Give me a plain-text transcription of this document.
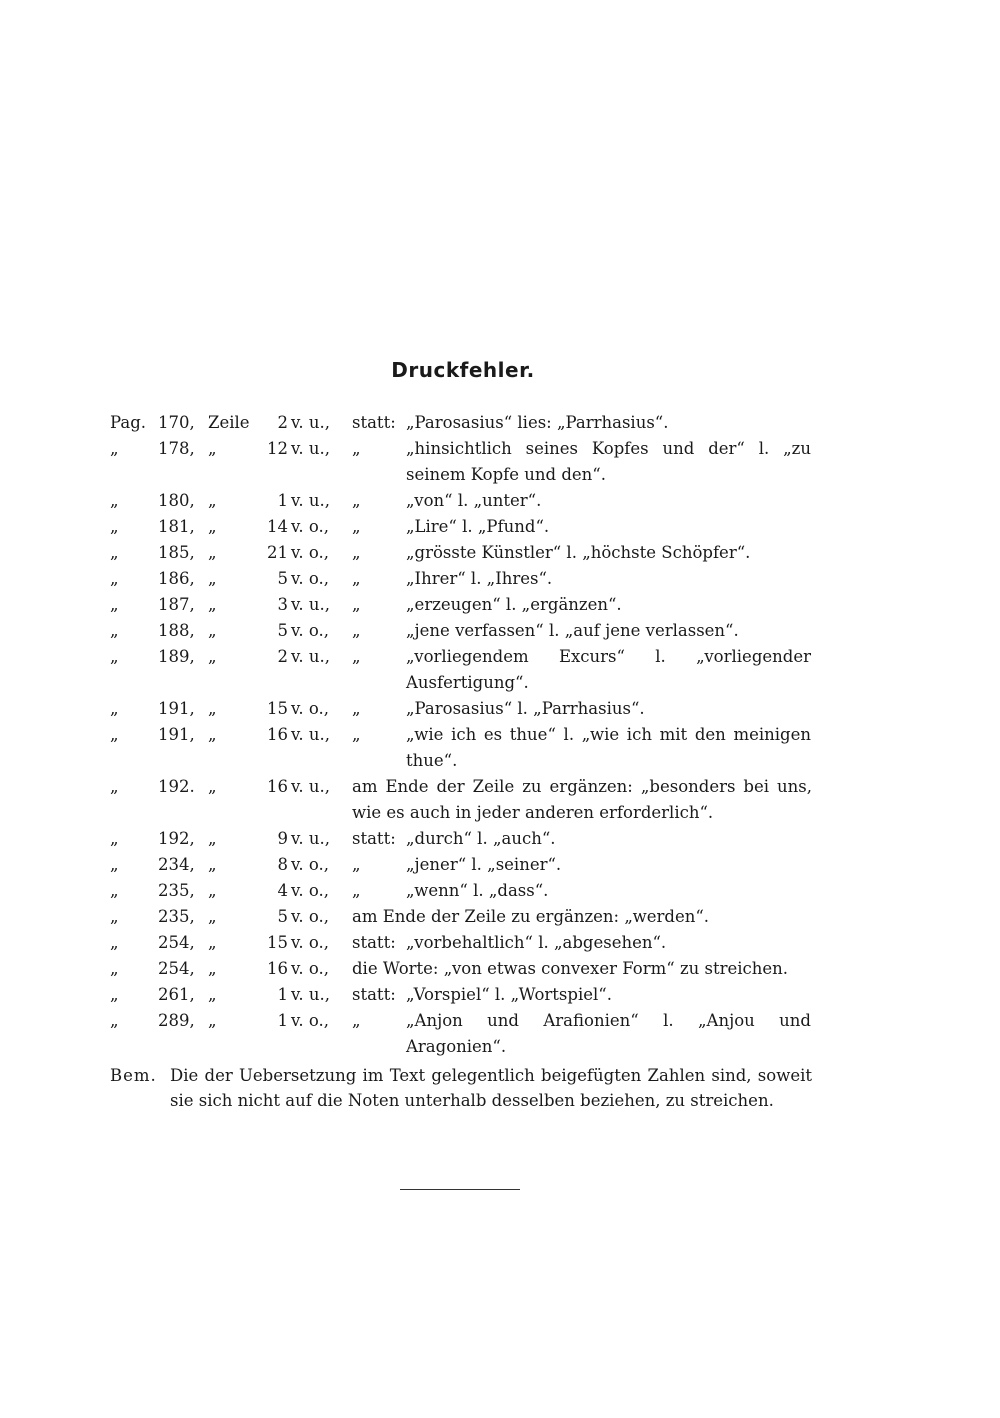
Druckfehler.
Pag. 170, Zeile	2 v. u.,	statt: „Parosasius“ lies: „Parrhasius“.
„	178, „	12 v. u.,	„	„hinsichtlich seines Kopfes und der“ l. „zu seinem Kopfe und den“.
„	180, „	1 v. u.,	„	„von“ l. „unter“.
„	181, „	14 v. o.,	„	„Lire“ l. „Pfund“.
„	185, „	21 v. o.,	„	„grösste Künstler“ l. „höchste Schöpfer“.
„	186, „	5 v. o.,	„	„Ihrer“ l. „Ihres“.
„	187, „	3 v. u.,	„	„erzeugen“ l. „ergänzen“.
„	188, „	5 v. o.,	„	„jene verfassen“ l. „auf jene verlassen“.
„	189, „	2 v. u.,	„	„vorliegendem Excurs“ l. „vorliegender Ausfertigung“.
„	191, „	15 v. o.,	„	„Parosasius“ l. „Parrhasius“.
„	191, „	16 v. u.,	„	„wie ich es thue“ l. „wie ich mit den meinigen thue“.
„	192. „	16 v. u.,	am Ende der Zeile zu ergänzen: „besonders bei uns, wie es auch in jeder anderen erforderlich“.
„	192, „	9 v. u.,	statt: „durch“ l. „auch“.
„	234, „	8 v. o.,	„	„jener“ l. „seiner“.
„	235, „	4 v. o.,	„	„wenn“ l. „dass“.
„	235, „	5 v. o.,	am Ende der Zeile zu ergänzen: „werden“.
„	254, „	15 v. o.,	statt: „vorbehaltlich“ l. „abgesehen“.
„	254, „	16 v. o.,	die Worte: „von etwas convexer Form“ zu streichen.
„	261, „	1 v. u.,	statt: „Vorspiel“ l. „Wortspiel“.
„	289, „	1 v. o.,	„	„Anjon und Arafionien“ l. „Anjou und Aragonien“.
Bem. Die der Uebersetzung im Text gelegentlich beigefügten Zahlen sind, soweit sie sich nicht auf die Noten unterhalb desselben beziehen, zu streichen.
